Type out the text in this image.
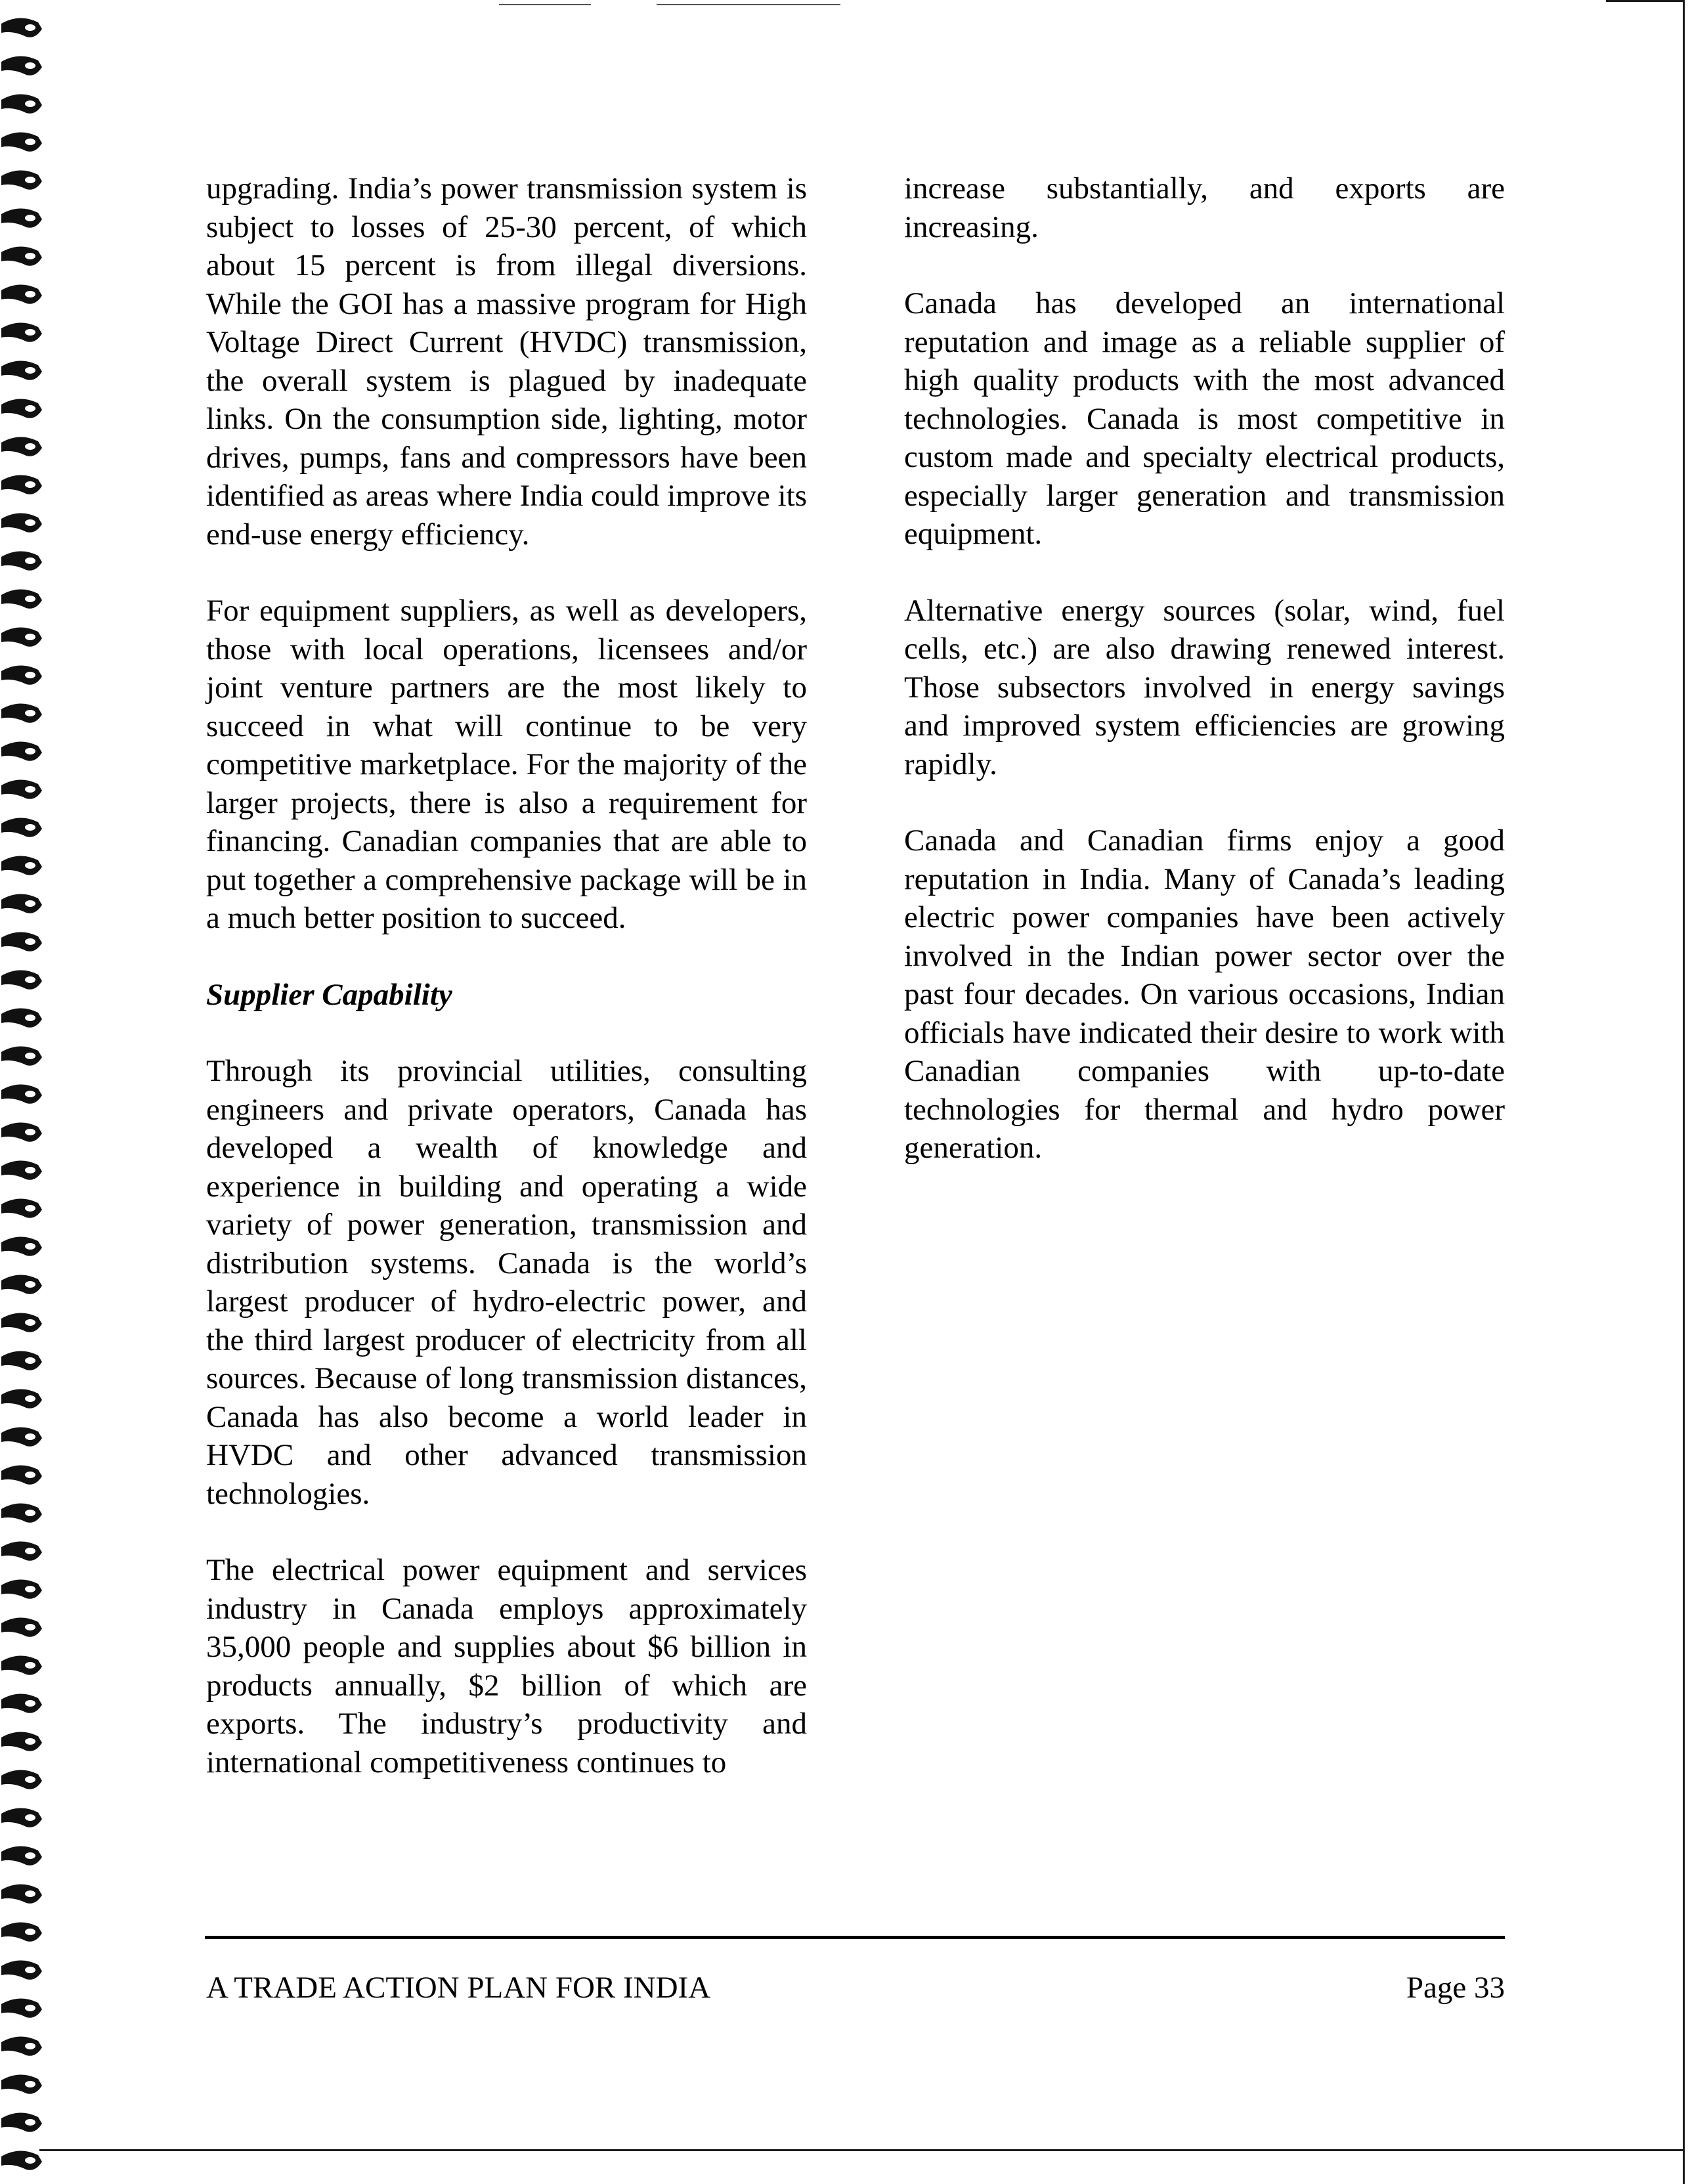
upgrading. India’s power transmission system is subject to losses of 25-30 percent, of which about 15 percent is from illegal diversions. While the GOI has a massive program for High Voltage Direct Current (HVDC) transmission, the overall system is plagued by inadequate links. On the consumption side, lighting, motor drives, pumps, fans and compressors have been identified as areas where India could improve its end-use energy efficiency.

For equipment suppliers, as well as developers, those with local operations, licensees and/or joint venture partners are the most likely to succeed in what will continue to be very competitive marketplace. For the majority of the larger projects, there is also a requirement for financing. Canadian companies that are able to put together a comprehensive package will be in a much better position to succeed.

Supplier Capability

Through its provincial utilities, consulting engineers and private operators, Canada has developed a wealth of knowledge and experience in building and operating a wide variety of power generation, transmission and distribution systems. Canada is the world’s largest producer of hydro-electric power, and the third largest producer of electricity from all sources. Because of long transmission distances, Canada has also become a world leader in HVDC and other advanced transmission technologies.

The electrical power equipment and services industry in Canada employs approximately 35,000 people and supplies about $6 billion in products annually, $2 billion of which are exports. The industry’s productivity and international competitiveness continues to

increase substantially, and exports are increasing.

Canada has developed an international reputation and image as a reliable supplier of high quality products with the most advanced technologies. Canada is most competitive in custom made and specialty electrical products, especially larger generation and transmission equipment.

Alternative energy sources (solar, wind, fuel cells, etc.) are also drawing renewed interest. Those subsectors involved in energy savings and improved system efficiencies are growing rapidly.

Canada and Canadian firms enjoy a good reputation in India. Many of Canada’s leading electric power companies have been actively involved in the Indian power sector over the past four decades. On various occasions, Indian officials have indicated their desire to work with Canadian companies with up-to-date technologies for thermal and hydro power generation.

A TRADE ACTION PLAN FOR INDIA	Page 33
